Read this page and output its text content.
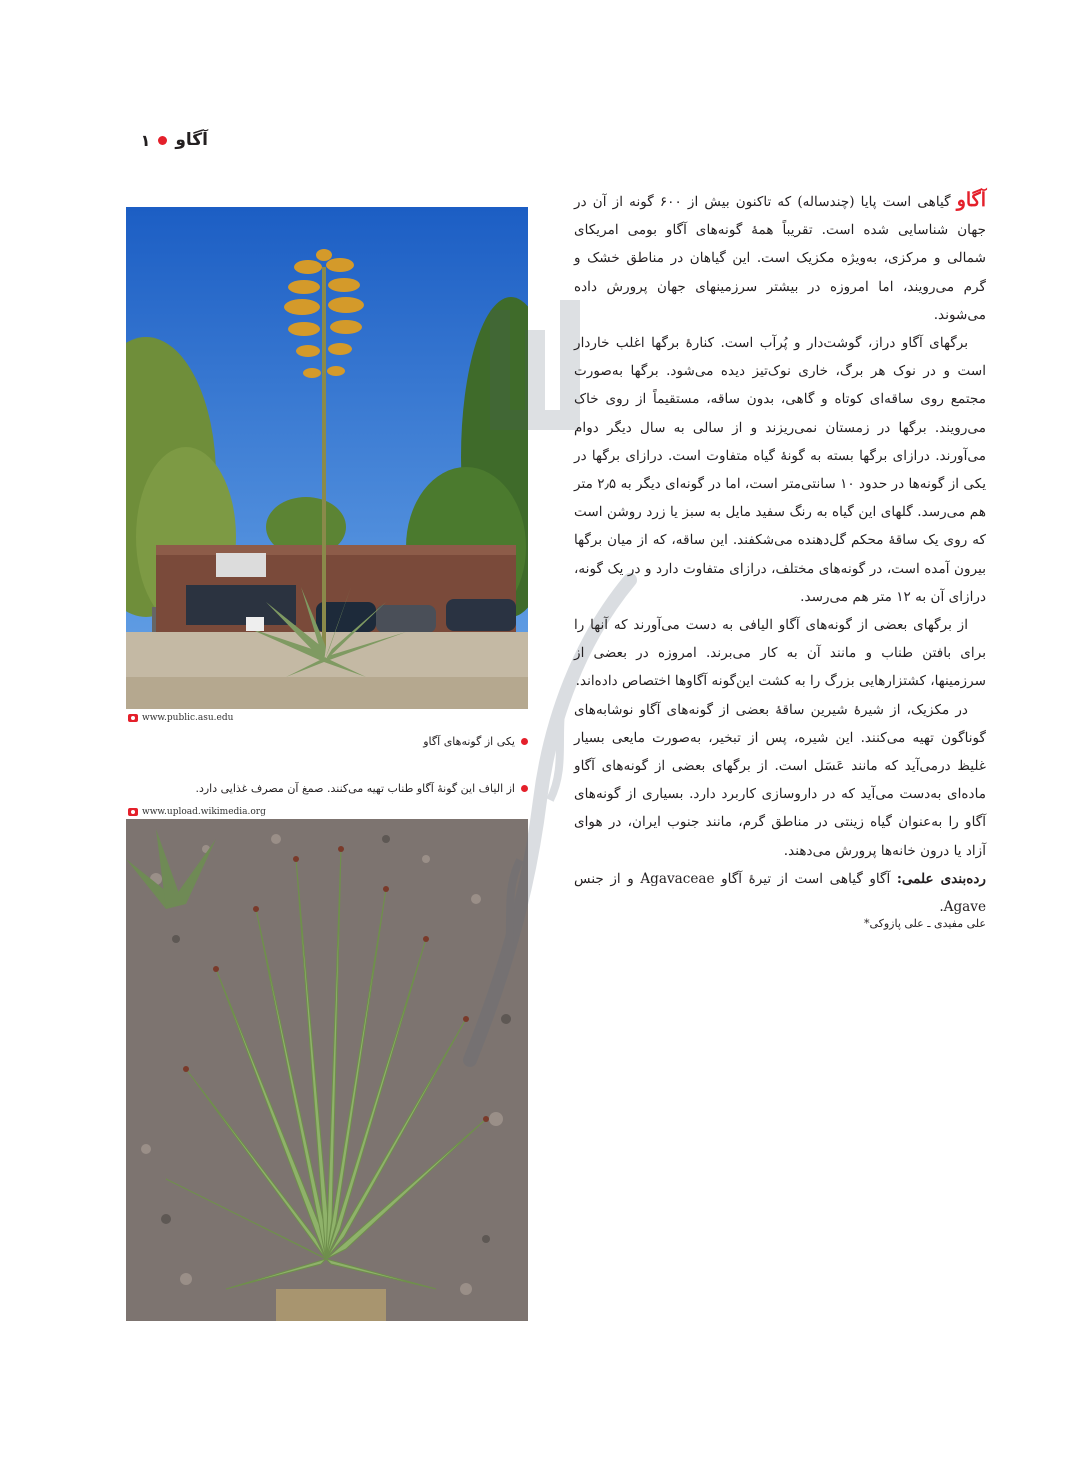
آگاو
۱
www.public.asu.edu
یکی از گونه‌های آگاو
از الیاف این گونهٔ آگاو طناب تهیه می‌کنند. صمغ آن مصرف غذایی دارد.
www.upload.wikimedia.org

آگاو گیاهی است پایا (چندساله) که تاکنون بیش از ۶۰۰ گونه از آن در جهان شناسایی شده است. تقریباً همهٔ گونه‌های آگاو بومی امریکای شمالی و مرکزی، به‌ویژه مکزیک است. این گیاهان در مناطق خشک و گرم می‌رویند، اما امروزه در بیشتر سرزمینهای جهان پرورش داده می‌شوند.

برگهای آگاو دراز، گوشت‌دار و پُرآب است. کنارهٔ برگها اغلب خاردار است و در نوک هر برگ، خاری نوک‌تیز دیده می‌شود. برگها به‌صورت مجتمع روی ساقه‌ای کوتاه و گاهی، بدون ساقه، مستقیماً از روی خاک می‌رویند. برگها در زمستان نمی‌ریزند و از سالی به سال دیگر دوام می‌آورند. درازای برگها بسته به گونهٔ گیاه متفاوت است. درازای برگها در یکی از گونه‌ها در حدود ۱۰ سانتی‌متر است، اما در گونه‌ای دیگر به ۲٫۵ متر هم می‌رسد. گلهای این گیاه به رنگ سفید مایل به سبز یا زرد روشن است که روی یک ساقهٔ محکم گل‌دهنده می‌شکفند. این ساقه، که از میان برگها بیرون آمده است، در گونه‌های مختلف، درازای متفاوت دارد و در یک گونه، درازای آن به ۱۲ متر هم می‌رسد.

از برگهای بعضی از گونه‌های آگاو الیافی به دست می‌آورند که آنها را برای بافتن طناب و مانند آن به کار می‌برند. امروزه در بعضی از سرزمینها، کشتزارهایی بزرگ را به کشت این‌گونه آگاوها اختصاص داده‌اند.

در مکزیک، از شیرهٔ شیرین ساقهٔ بعضی از گونه‌های آگاو نوشابه‌های گوناگون تهیه می‌کنند. این شیره، پس از تبخیر، به‌صورت مایعی بسیار غلیظ درمی‌آید که مانند عَسَل است. از برگهای بعضی از گونه‌های آگاو ماده‌ای به‌دست می‌آید که در داروسازی کاربرد دارد. بسیاری از گونه‌های آگاو را به‌عنوان گیاه زینتی در مناطق گرم، مانند جنوب ایران، در هوای آزاد یا درون خانه‌ها پرورش می‌دهند.

رده‌بندی علمی: آگاو گیاهی است از تیرهٔ آگاو Agavaceae و از جنس Agave.

علی مفیدی ـ علی پازوکی*
